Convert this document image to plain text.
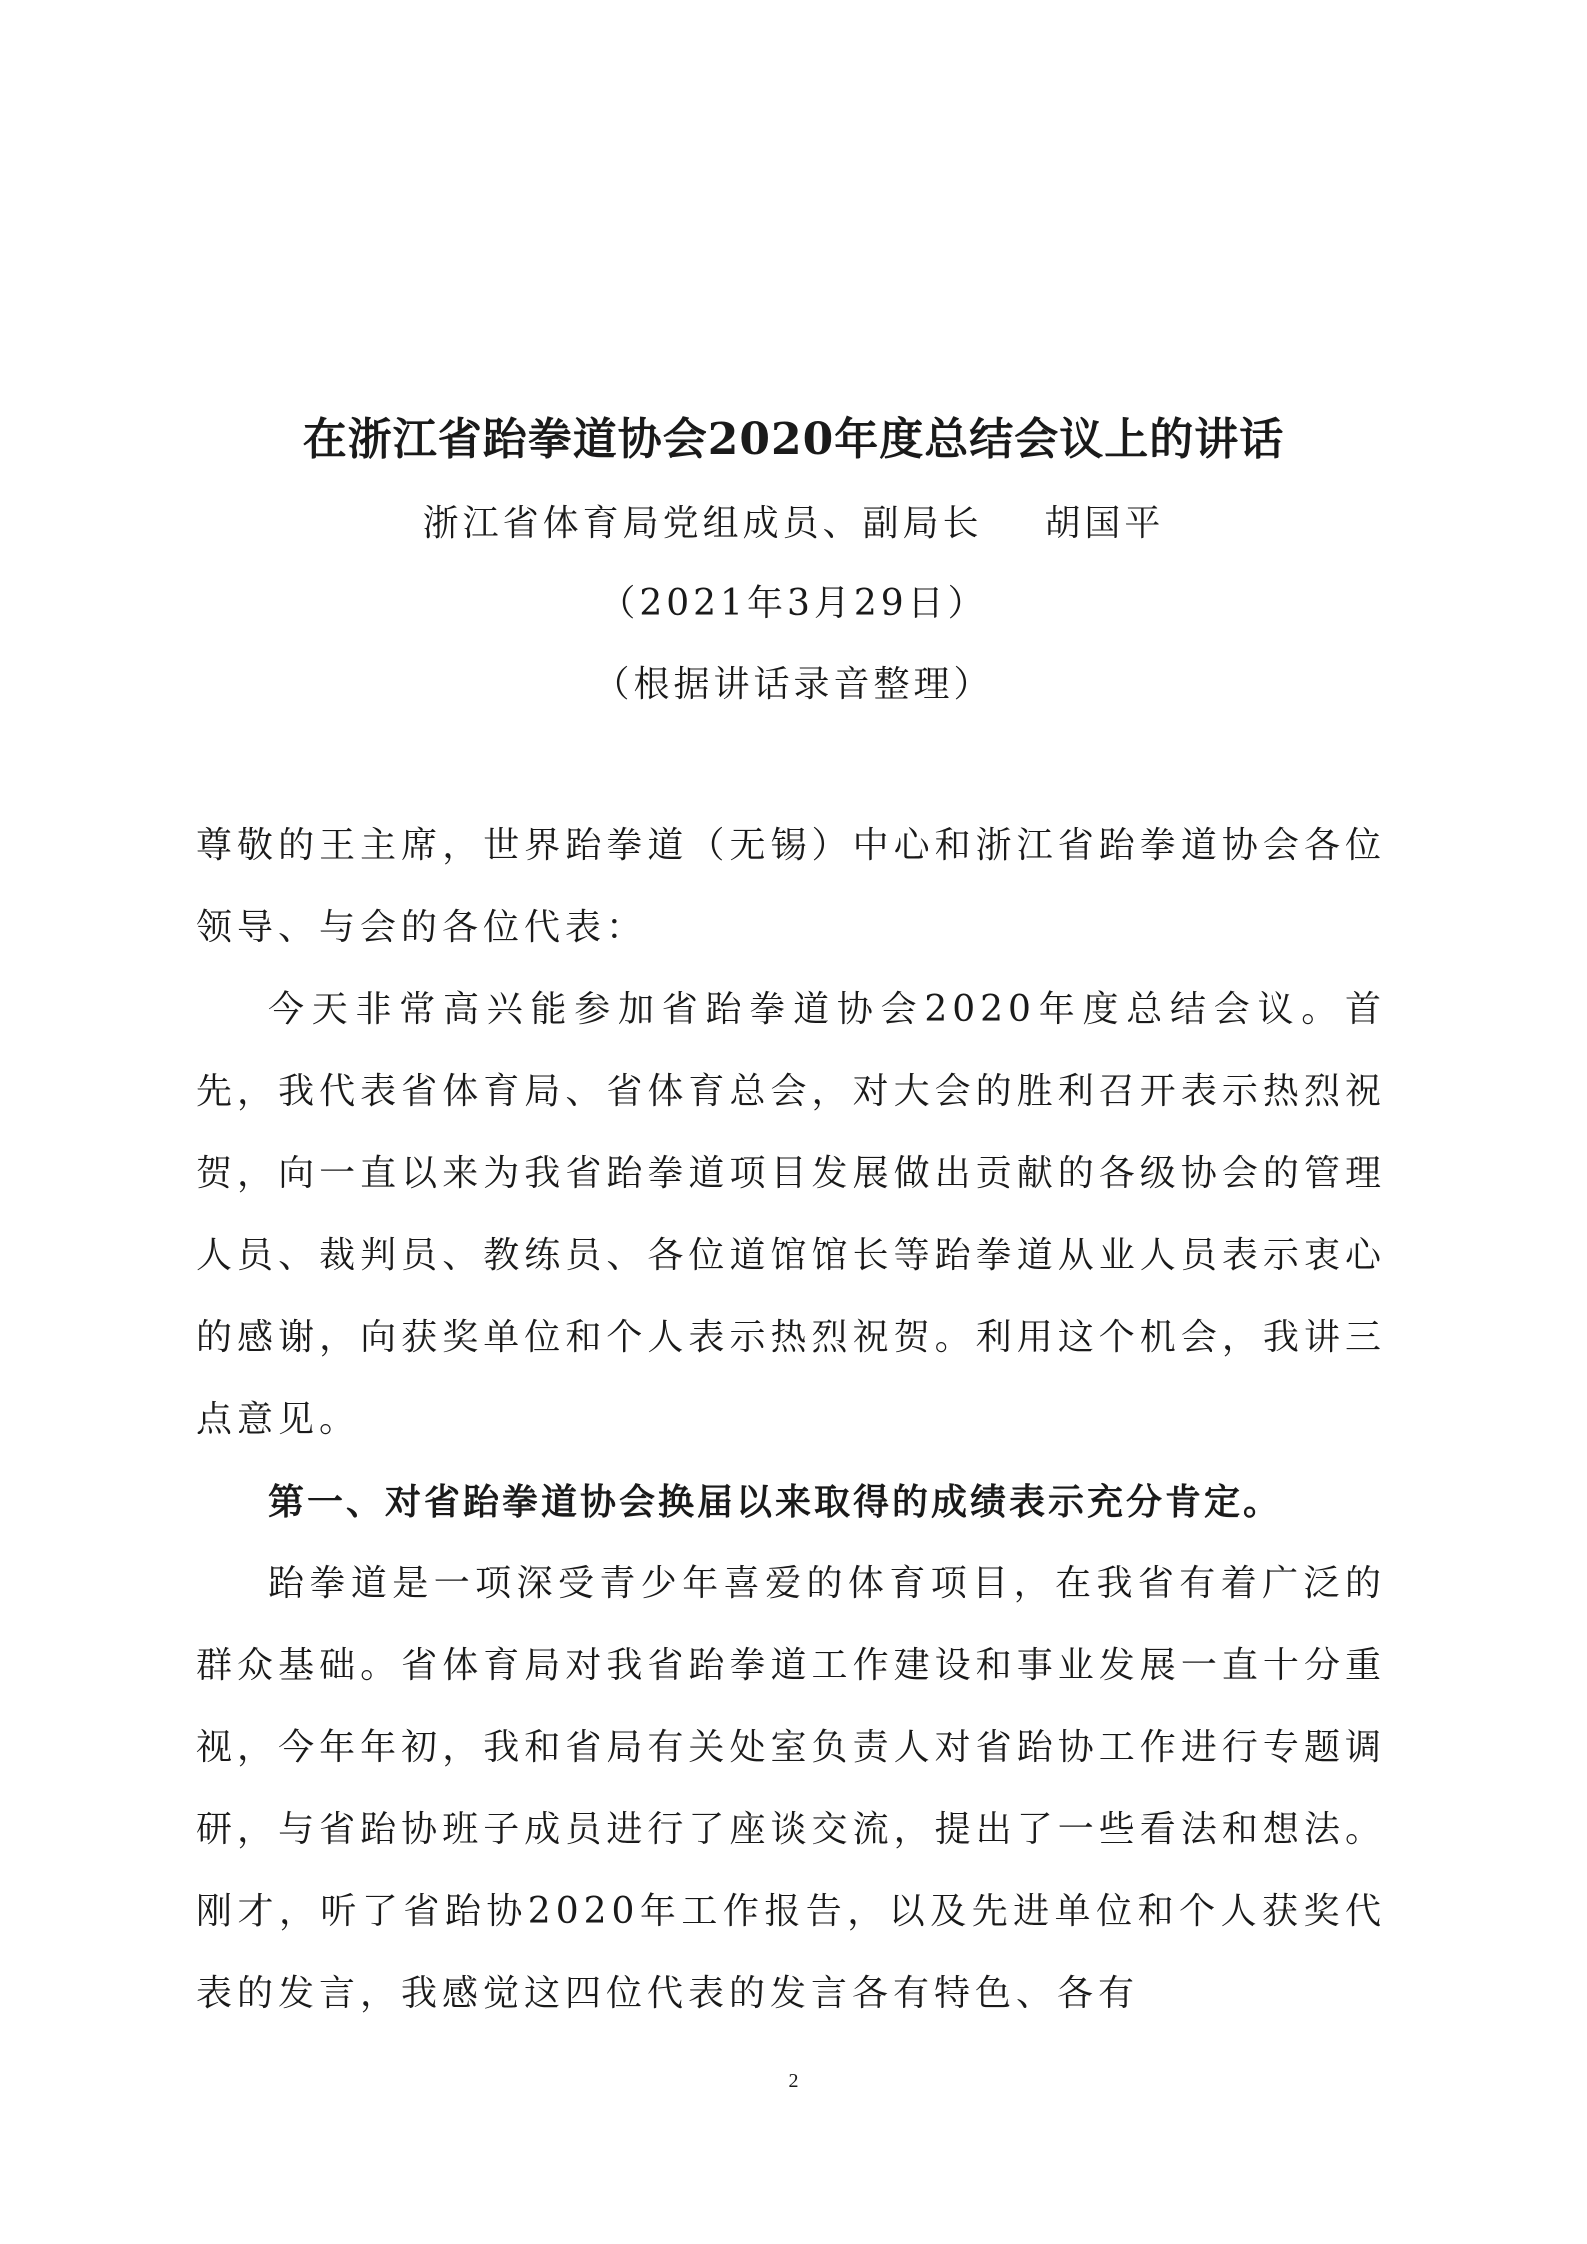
在浙江省跆拳道协会2020年度总结会议上的讲话
浙江省体育局党组成员、副局长    胡国平
（2021年3月29日）
（根据讲话录音整理）

尊敬的王主席，世界跆拳道（无锡）中心和浙江省跆拳道协会各位领导、与会的各位代表：

今天非常高兴能参加省跆拳道协会2020年度总结会议。首先，我代表省体育局、省体育总会，对大会的胜利召开表示热烈祝贺，向一直以来为我省跆拳道项目发展做出贡献的各级协会的管理人员、裁判员、教练员、各位道馆馆长等跆拳道从业人员表示衷心的感谢，向获奖单位和个人表示热烈祝贺。利用这个机会，我讲三点意见。

第一、对省跆拳道协会换届以来取得的成绩表示充分肯定。

跆拳道是一项深受青少年喜爱的体育项目，在我省有着广泛的群众基础。省体育局对我省跆拳道工作建设和事业发展一直十分重视，今年年初，我和省局有关处室负责人对省跆协工作进行专题调研，与省跆协班子成员进行了座谈交流，提出了一些看法和想法。刚才，听了省跆协2020年工作报告，以及先进单位和个人获奖代表的发言，我感觉这四位代表的发言各有特色、各有

2
